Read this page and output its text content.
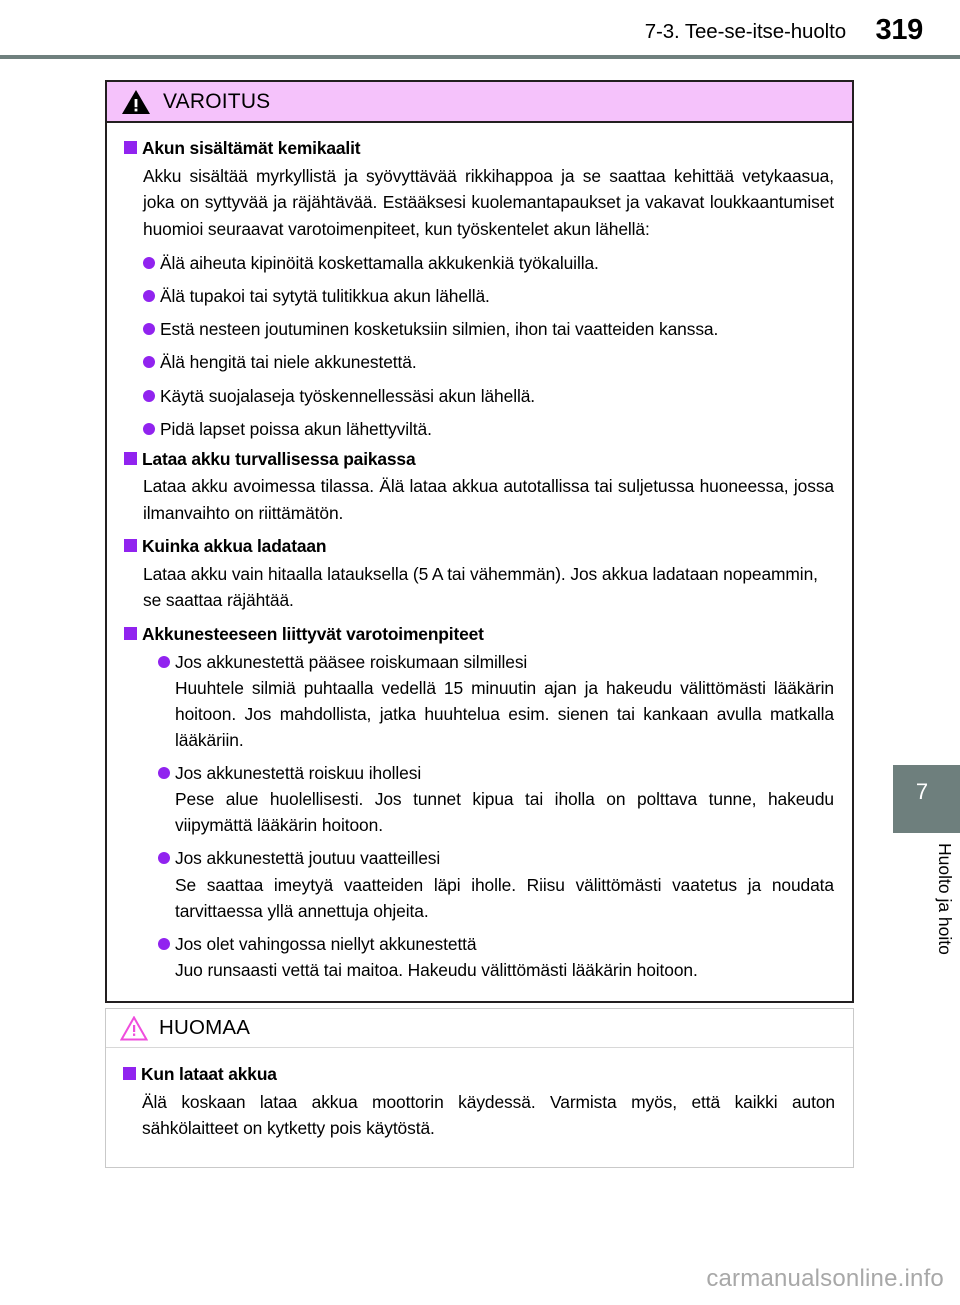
7-3. Tee-se-itse-huolto 319
7
Huolto ja hoito
VAROITUS
Akun sisältämät kemikaalit

Akku sisältää myrkyllistä ja syövyttävää rikkihappoa ja se saattaa kehittää vetykaasua, joka on syttyvää ja räjähtävää. Estääksesi kuolemantapaukset ja vakavat loukkaantumiset huomioi seuraavat varotoimenpiteet, kun työskentelet akun lähellä:

Älä aiheuta kipinöitä koskettamalla akkukenkiä työkaluilla.
Älä tupakoi tai sytytä tulitikkua akun lähellä.
Estä nesteen joutuminen kosketuksiin silmien, ihon tai vaatteiden kanssa.
Älä hengitä tai niele akkunestettä.
Käytä suojalaseja työskennellessäsi akun lähellä.
Pidä lapset poissa akun lähettyviltä.
Lataa akku turvallisessa paikassa

Lataa akku avoimessa tilassa. Älä lataa akkua autotallissa tai suljetussa huoneessa, jossa ilmanvaihto on riittämätön.

Kuinka akkua ladataan

Lataa akku vain hitaalla latauksella (5 A tai vähemmän). Jos akkua ladataan nopeammin, se saattaa räjähtää.

Akkunesteeseen liittyvät varotoimenpiteet
Jos akkunestettä pääsee roiskumaan silmillesi
Huuhtele silmiä puhtaalla vedellä 15 minuutin ajan ja hakeudu välittömästi lääkärin hoitoon. Jos mahdollista, jatka huuhtelua esim. sienen tai kankaan avulla matkalla lääkäriin.
Jos akkunestettä roiskuu ihollesi
Pese alue huolellisesti. Jos tunnet kipua tai iholla on polttava tunne, hakeudu viipymättä lääkärin hoitoon.
Jos akkunestettä joutuu vaatteillesi
Se saattaa imeytyä vaatteiden läpi iholle. Riisu välittömästi vaatetus ja noudata tarvittaessa yllä annettuja ohjeita.
Jos olet vahingossa niellyt akkunestettä
Juo runsaasti vettä tai maitoa. Hakeudu välittömästi lääkärin hoitoon.
HUOMAA
Kun lataat akkua

Älä koskaan lataa akkua moottorin käydessä. Varmista myös, että kaikki auton sähkölaitteet on kytketty pois käytöstä.

carmanualsonline.info
